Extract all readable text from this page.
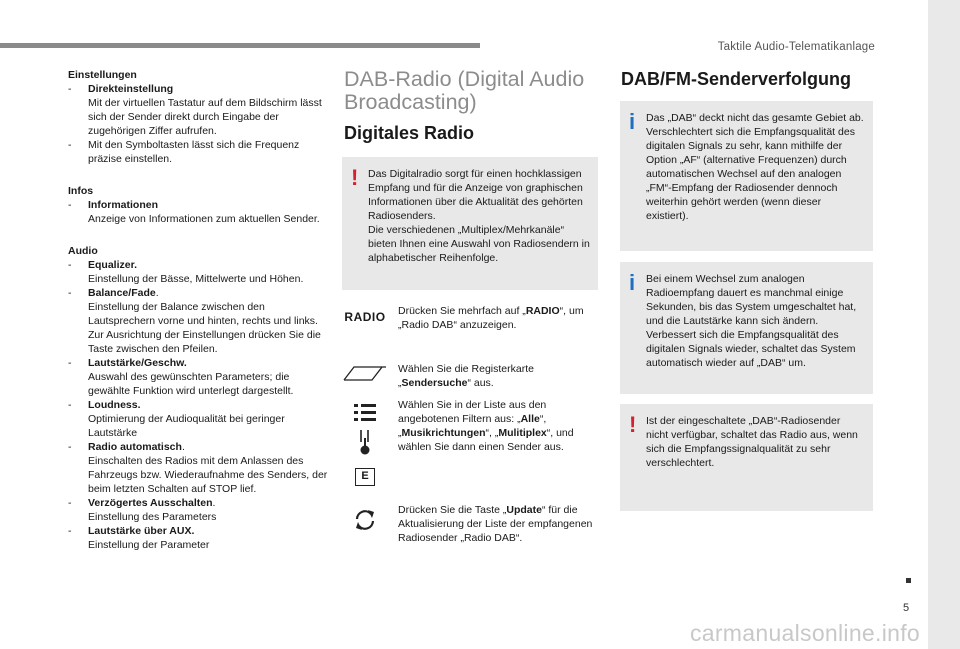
Taktile Audio-Telematikanlage
5
carmanualsonline.info
Einstellungen
- Direkteinstellung
Mit der virtuellen Tastatur auf dem Bildschirm lässt sich der Sender direkt durch Eingabe der zugehörigen Ziffer aufrufen.
- Mit den Symboltasten lässt sich die Frequenz präzise einstellen.
Infos
- Informationen
Anzeige von Informationen zum aktuellen Sender.
Audio
- Equalizer.
Einstellung der Bässe, Mittelwerte und Höhen.
- Balance/Fade.
Einstellung der Balance zwischen den Lautsprechern vorne und hinten, rechts und links.
Zur Ausrichtung der Einstellungen drücken Sie die Taste zwischen den Pfeilen.
- Lautstärke/Geschw.
Auswahl des gewünschten Parameters; die gewählte Funktion wird unterlegt dargestellt.
- Loudness.
Optimierung der Audioqualität bei geringer Lautstärke
- Radio automatisch.
Einschalten des Radios mit dem Anlassen des Fahrzeugs bzw. Wiederaufnahme des Senders, der beim letzten Schalten auf STOP lief.
- Verzögertes Ausschalten.
Einstellung des Parameters
- Lautstärke über AUX.
Einstellung der Parameter
DAB-Radio (Digital Audio Broadcasting)
Digitales Radio
! Das Digitalradio sorgt für einen hochklassigen Empfang und für die Anzeige von graphischen Informationen über die Aktualität des gehörten Radiosenders.
Die verschiedenen „Multiplex/Mehrkanäle“ bieten Ihnen eine Auswahl von Radiosendern in alphabetischer Reihenfolge.
RADIO Drücken Sie mehrfach auf „RADIO“, um „Radio DAB“ anzuzeigen.
Wählen Sie die Registerkarte „Sendersuche“ aus.
E
Wählen Sie in der Liste aus den angebotenen Filtern aus: „Alle“, „Musikrichtungen“, „Mulitiplex“, und wählen Sie dann einen Sender aus.
Drücken Sie die Taste „Update“ für die Aktualisierung der Liste der empfangenen Radiosender „Radio DAB“.
DAB/FM-Senderverfolgung
i Das „DAB“ deckt nicht das gesamte Gebiet ab. Verschlechtert sich die Empfangsqualität des digitalen Signals zu sehr, kann mithilfe der Option „AF“ (alternative Frequenzen) durch automatischen Wechsel auf den analogen „FM“-Empfang der Radiosender dennoch weiterhin gehört werden (wenn dieser existiert).
i Bei einem Wechsel zum analogen Radioempfang dauert es manchmal einige Sekunden, bis das System umgeschaltet hat, und die Lautstärke kann sich ändern.
Verbessert sich die Empfangsqualität des digitalen Signals wieder, schaltet das System automatisch wieder auf „DAB“ um.
! Ist der eingeschaltete „DAB“-Radiosender nicht verfügbar, schaltet das Radio aus, wenn sich die Empfangssignalqualität zu sehr verschlechtert.
